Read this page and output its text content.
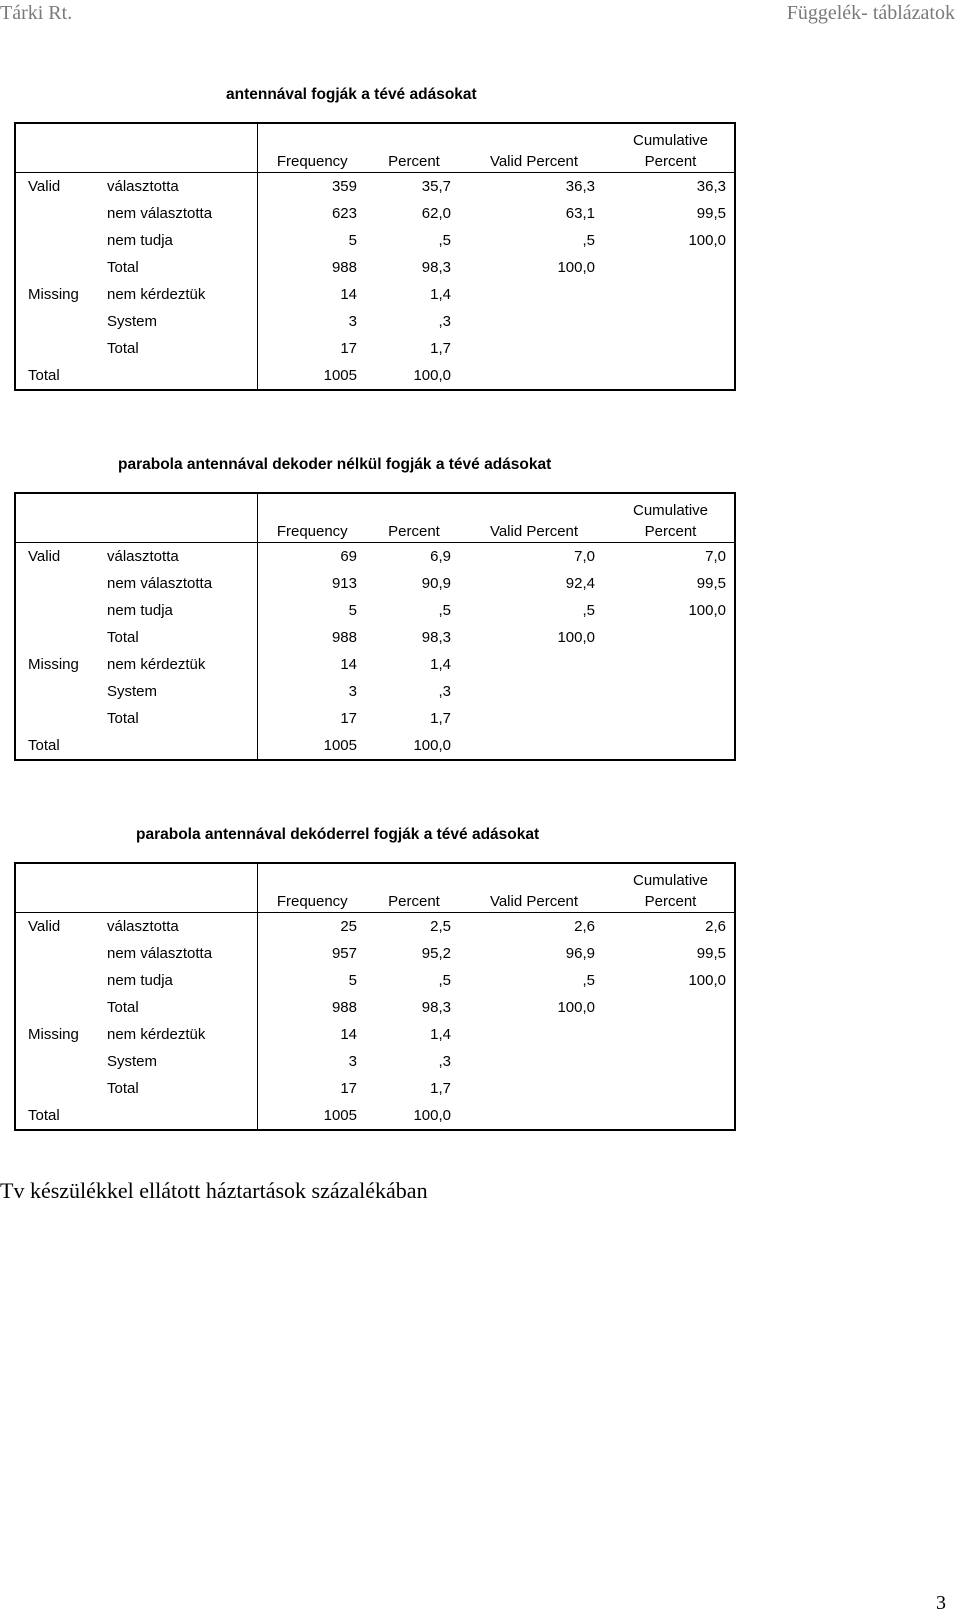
Tárki Rt.	Függelék- táblázatok
antennával fogják a tévé adásokat
		Frequency	Percent	Valid Percent	Cumulative Percent
Valid	választotta	359	35,7	36,3	36,3
	nem választotta	623	62,0	63,1	99,5
	nem tudja	5	,5	,5	100,0
	Total	988	98,3	100,0	
Missing	nem kérdeztük	14	1,4		
	System	3	,3		
	Total	17	1,7		
Total		1005	100,0		
parabola antennával dekoder nélkül fogják a tévé adásokat
		Frequency	Percent	Valid Percent	Cumulative Percent
Valid	választotta	69	6,9	7,0	7,0
	nem választotta	913	90,9	92,4	99,5
	nem tudja	5	,5	,5	100,0
	Total	988	98,3	100,0	
Missing	nem kérdeztük	14	1,4		
	System	3	,3		
	Total	17	1,7		
Total		1005	100,0		
parabola antennával dekóderrel fogják a tévé adásokat
		Frequency	Percent	Valid Percent	Cumulative Percent
Valid	választotta	25	2,5	2,6	2,6
	nem választotta	957	95,2	96,9	99,5
	nem tudja	5	,5	,5	100,0
	Total	988	98,3	100,0	
Missing	nem kérdeztük	14	1,4		
	System	3	,3		
	Total	17	1,7		
Total		1005	100,0		
Tv készülékkel ellátott háztartások százalékában
3
